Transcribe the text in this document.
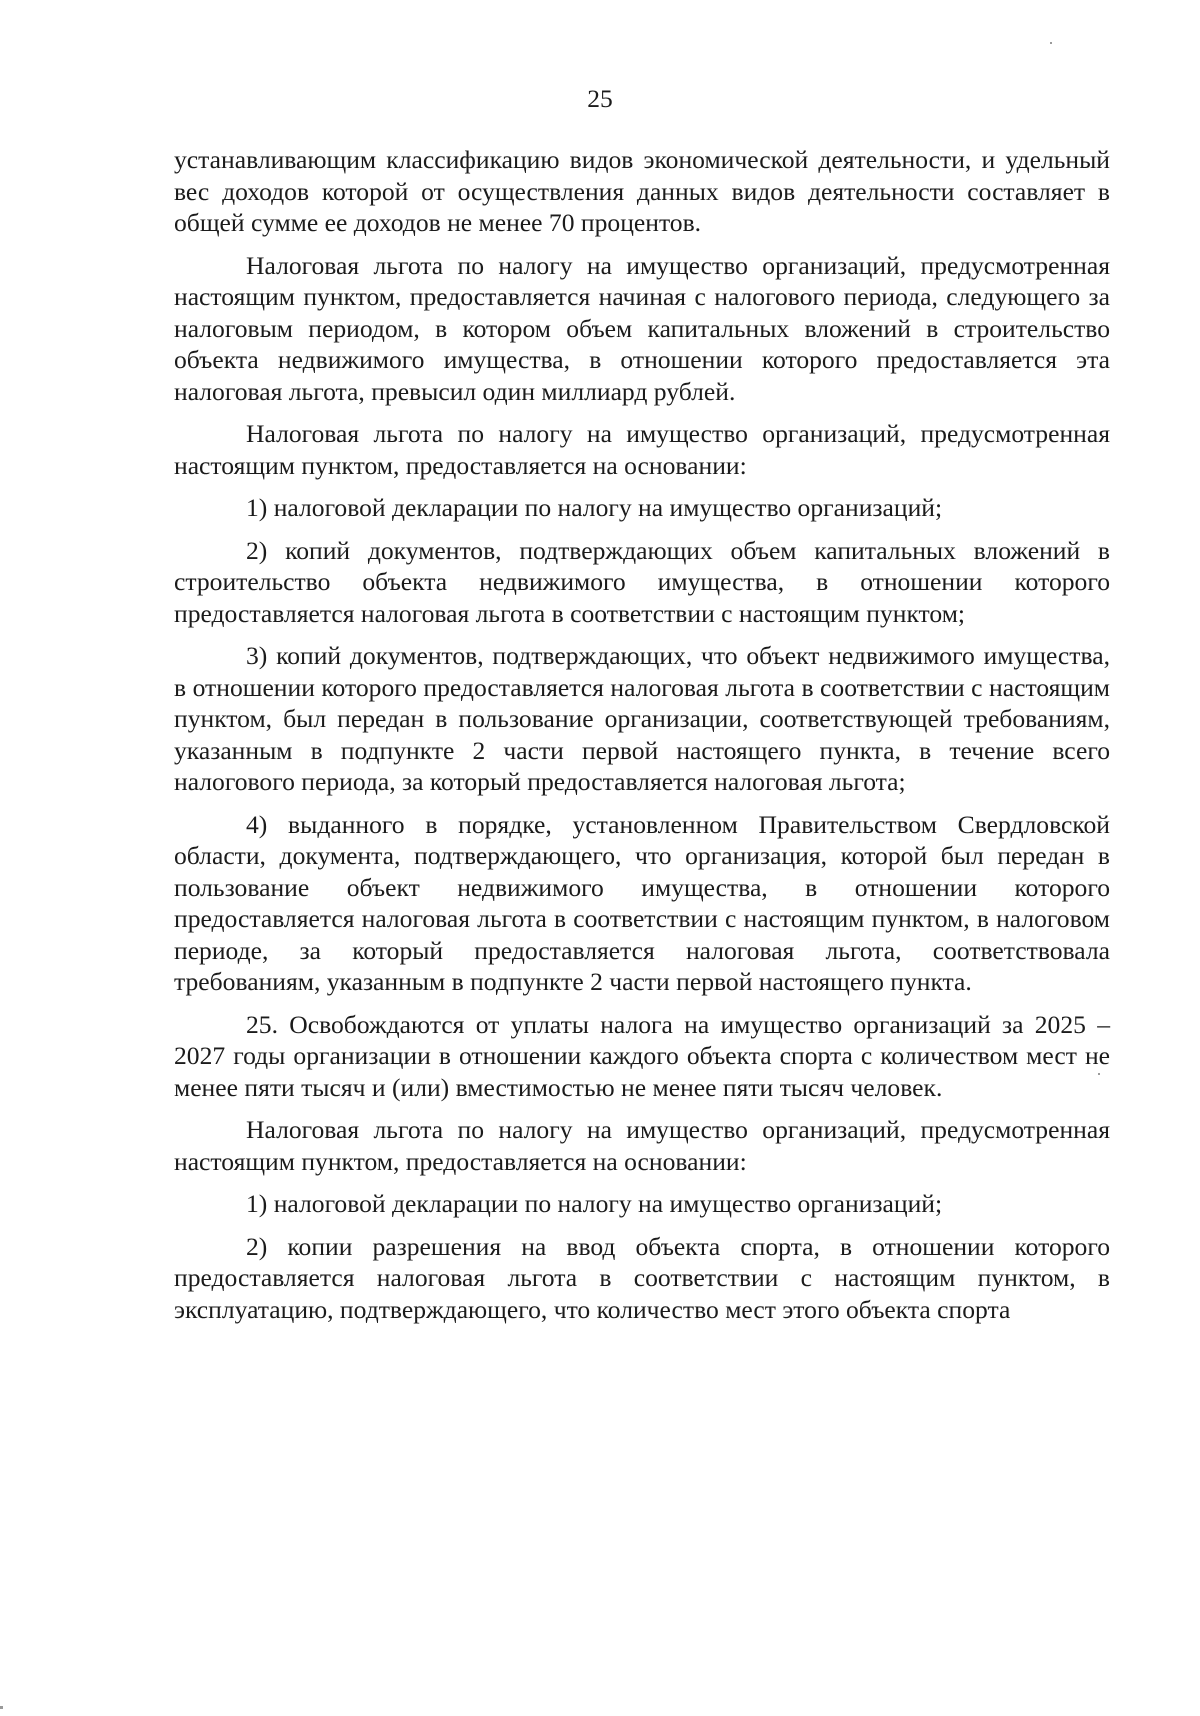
25

устанавливающим классификацию видов экономической деятельности, и удельный вес доходов которой от осуществления данных видов деятельности составляет в общей сумме ее доходов не менее 70 процентов.

Налоговая льгота по налогу на имущество организаций, предусмотренная настоящим пунктом, предоставляется начиная с налогового периода, следующего за налоговым периодом, в котором объем капитальных вложений в строительство объекта недвижимого имущества, в отношении которого предоставляется эта налоговая льгота, превысил один миллиард рублей.

Налоговая льгота по налогу на имущество организаций, предусмотренная настоящим пунктом, предоставляется на основании:

1) налоговой декларации по налогу на имущество организаций;

2) копий документов, подтверждающих объем капитальных вложений в строительство объекта недвижимого имущества, в отношении которого предоставляется налоговая льгота в соответствии с настоящим пунктом;

3) копий документов, подтверждающих, что объект недвижимого имущества, в отношении которого предоставляется налоговая льгота в соответствии с настоящим пунктом, был передан в пользование организации, соответствующей требованиям, указанным в подпункте 2 части первой настоящего пункта, в течение всего налогового периода, за который предоставляется налоговая льгота;

4) выданного в порядке, установленном Правительством Свердловской области, документа, подтверждающего, что организация, которой был передан в пользование объект недвижимого имущества, в отношении которого предоставляется налоговая льгота в соответствии с настоящим пунктом, в налоговом периоде, за который предоставляется налоговая льгота, соответствовала требованиям, указанным в подпункте 2 части первой настоящего пункта.

25. Освобождаются от уплаты налога на имущество организаций за 2025 – 2027 годы организации в отношении каждого объекта спорта с количеством мест не менее пяти тысяч и (или) вместимостью не менее пяти тысяч человек.

Налоговая льгота по налогу на имущество организаций, предусмотренная настоящим пунктом, предоставляется на основании:

1) налоговой декларации по налогу на имущество организаций;

2) копии разрешения на ввод объекта спорта, в отношении которого предоставляется налоговая льгота в соответствии с настоящим пунктом, в эксплуатацию, подтверждающего, что количество мест этого объекта спорта
